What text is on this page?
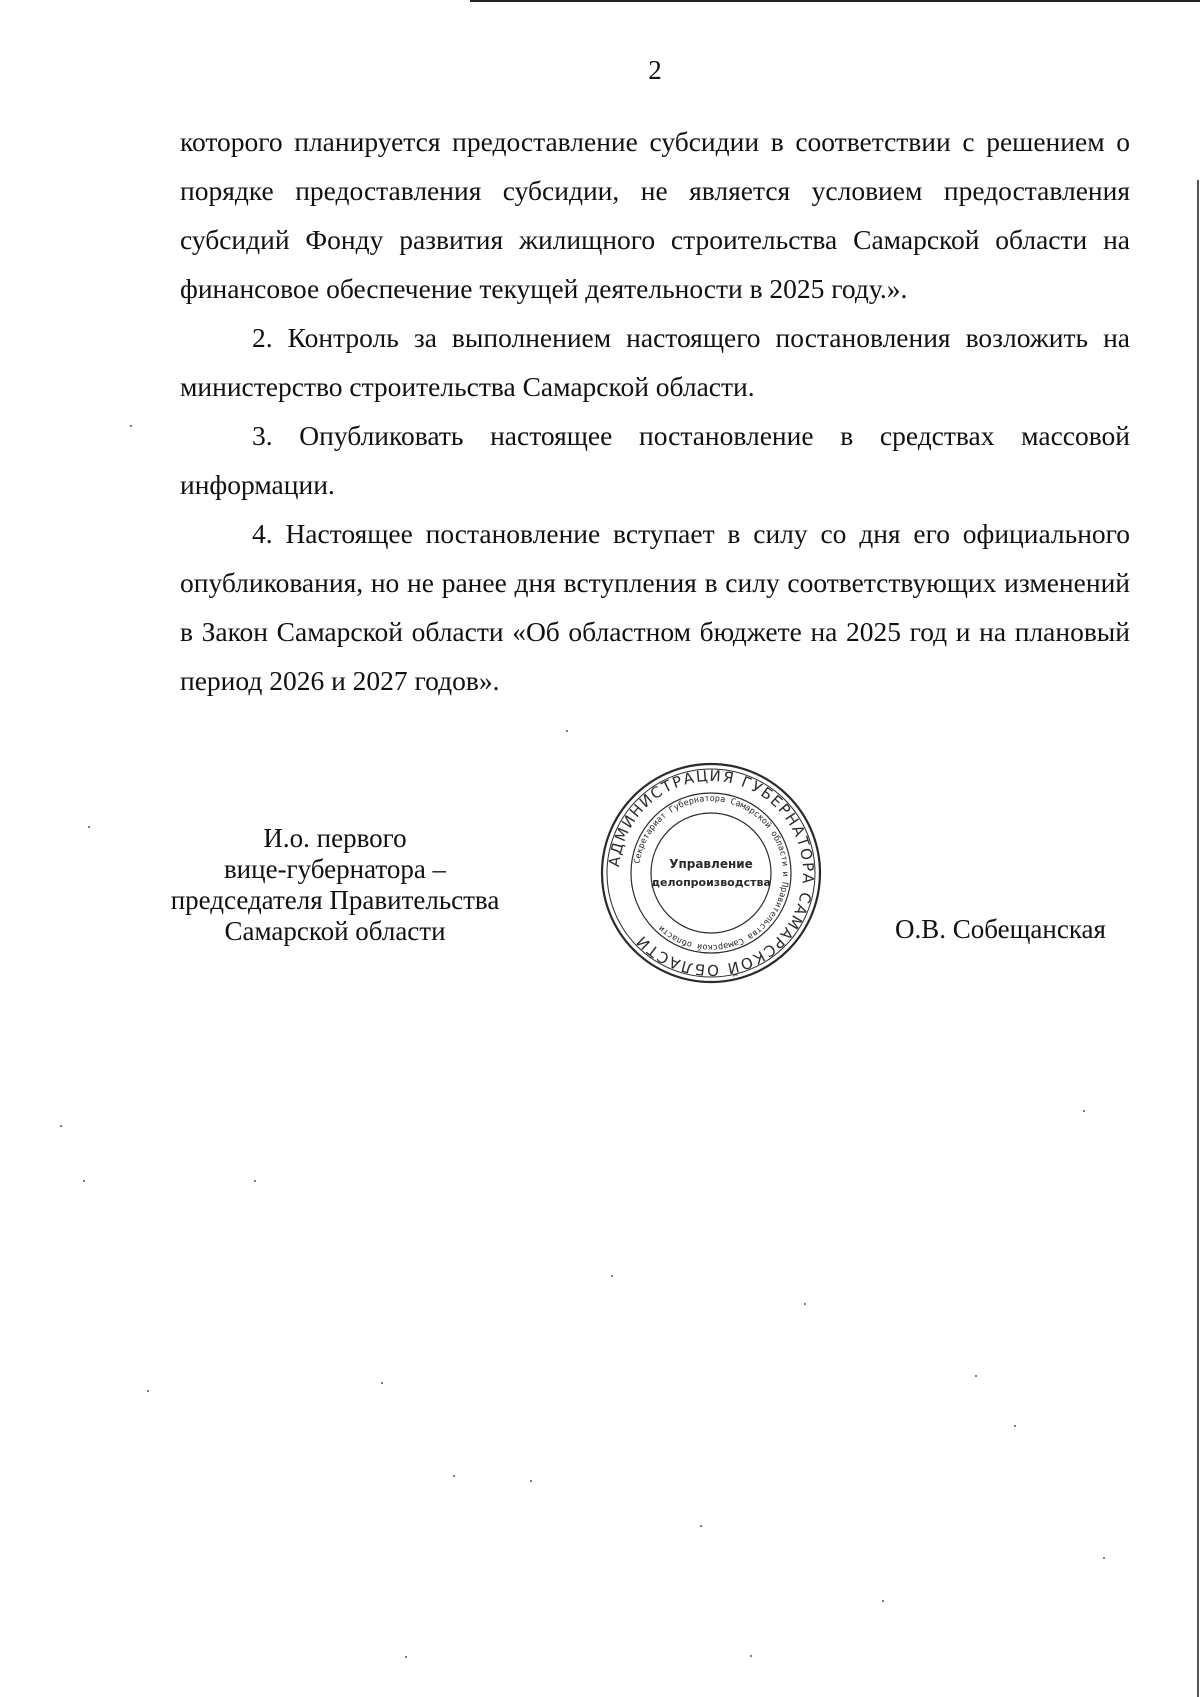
2

которого планируется предоставление субсидии в соответствии с решением о порядке предоставления субсидии, не является условием предоставления субсидий Фонду развития жилищного строительства Самарской области на финансовое обеспечение текущей деятельности в 2025 году.».

2. Контроль за выполнением настоящего постановления возложить на министерство строительства Самарской области.

3. Опубликовать настоящее постановление в средствах массовой информации.

4. Настоящее постановление вступает в силу со дня его официального опубликования, но не ранее дня вступления в силу соответствующих изменений в Закон Самарской области «Об областном бюджете на 2025 год и на плановый период 2026 и 2027 годов».

И.о. первого
вице-губернатора –
председателя Правительства
Самарской области
АДМИНИСТРАЦИЯ ГУБЕРНАТОРА САМАРСКОЙ ОБЛАСТИ
Секретариат Губернатора Самарской области и Правительства Самарской области
Управление
делопроизводства
О.В. Собещанская
